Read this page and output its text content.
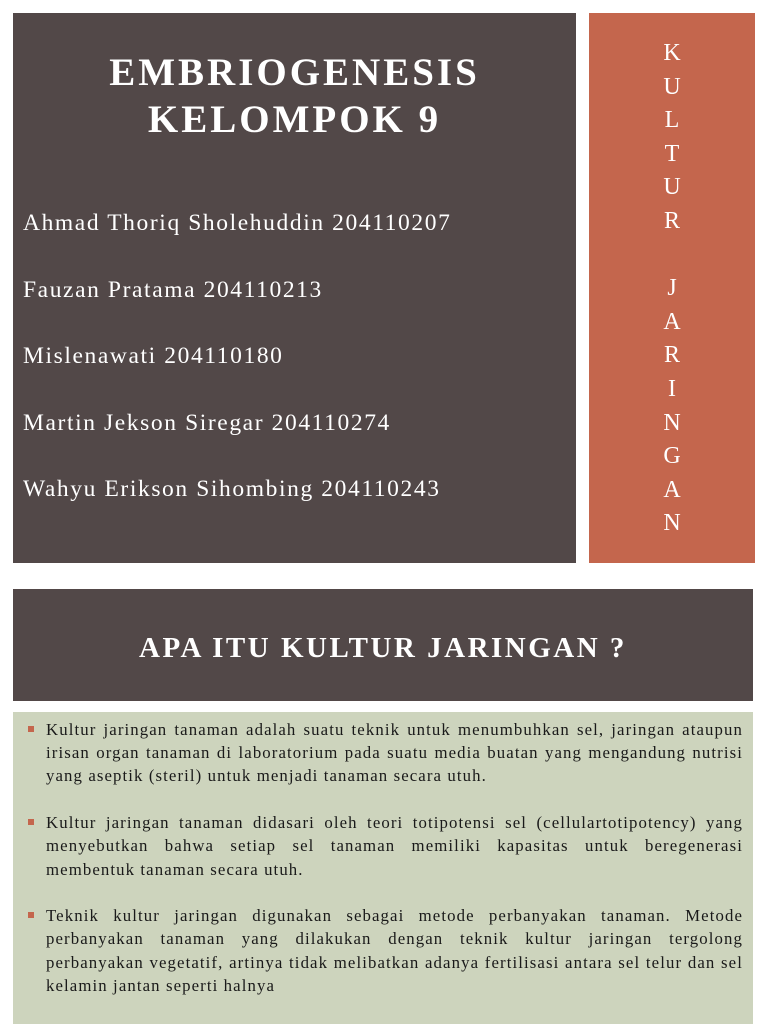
EMBRIOGENESIS
KELOMPOK 9
Ahmad Thoriq Sholehuddin 204110207
Fauzan Pratama 204110213
Mislenawati 204110180
Martin Jekson Siregar 204110274
Wahyu Erikson Sihombing 204110243
K
U
L
T
U
R
J
A
R
I
N
G
A
N
APA ITU KULTUR JARINGAN ?
Kultur jaringan tanaman adalah suatu teknik untuk menumbuhkan sel, jaringan ataupun irisan organ tanaman di laboratorium pada suatu media buatan yang mengandung nutrisi yang aseptik (steril) untuk menjadi tanaman secara utuh.
Kultur jaringan tanaman didasari oleh teori totipotensi sel (cellulartotipotency) yang menyebutkan bahwa setiap sel tanaman memiliki kapasitas untuk beregenerasi membentuk tanaman secara utuh.
Teknik kultur jaringan digunakan sebagai metode perbanyakan tanaman. Metode perbanyakan tanaman yang dilakukan dengan teknik kultur jaringan tergolong perbanyakan vegetatif, artinya tidak melibatkan adanya fertilisasi antara sel telur dan sel kelamin jantan seperti halnya
